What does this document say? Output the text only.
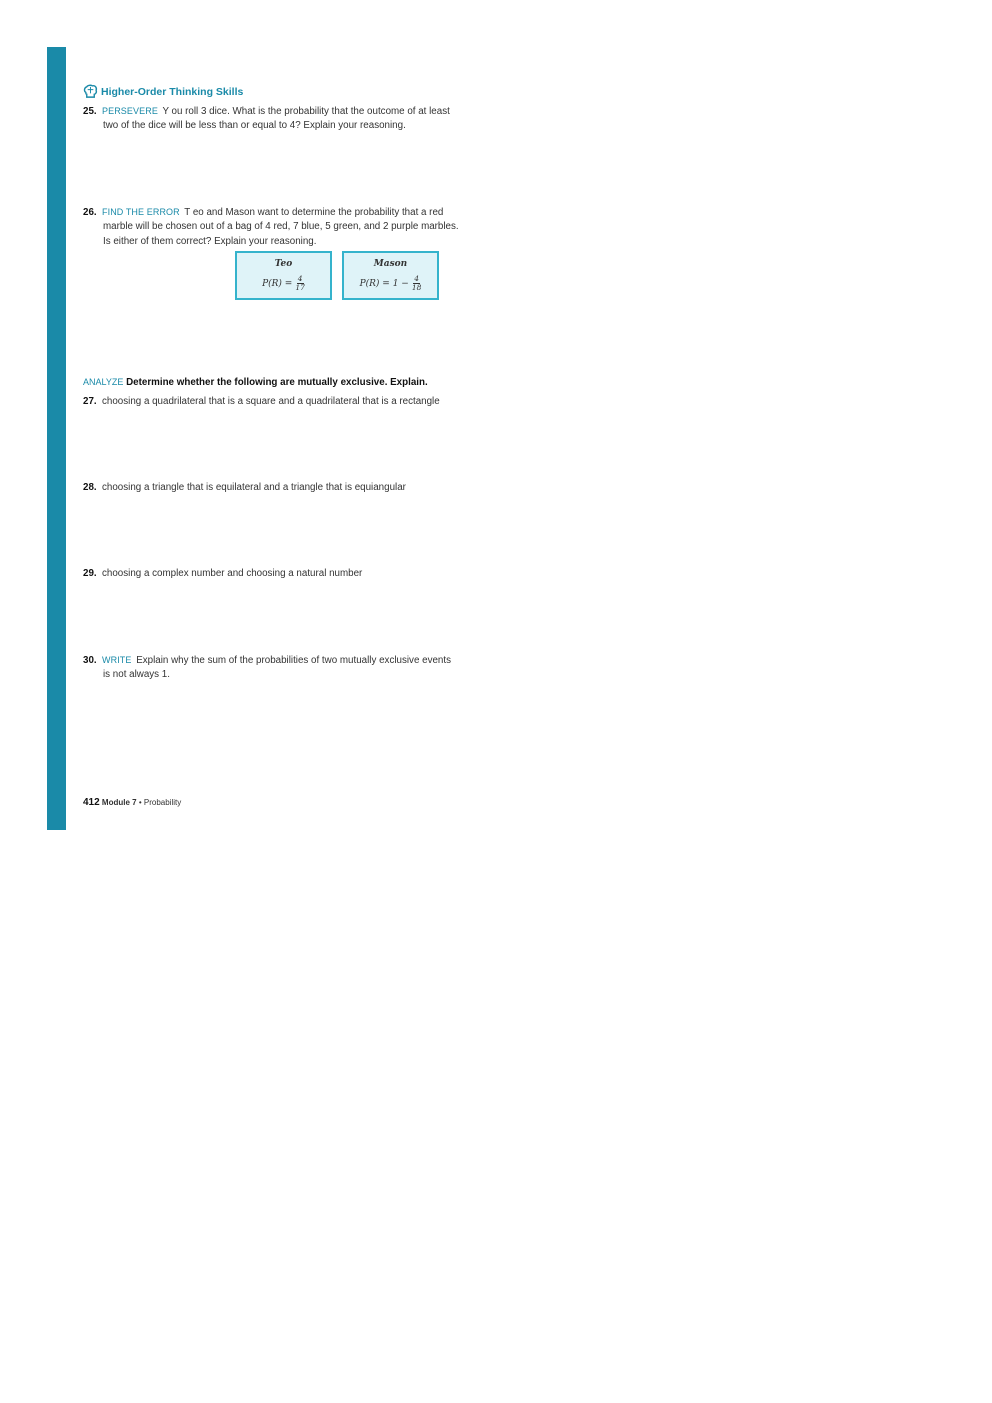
Higher-Order Thinking Skills
25. PERSEVERE Y ou roll 3 dice. What is the probability that the outcome of at least
two of the dice will be less than or equal to 4? Explain your reasoning.
26. FIND THE ERROR T eo and Mason want to determine the probability that a red
marble will be chosen out of a bag of 4 red, 7 blue, 5 green, and 2 purple marbles.
Is either of them correct? Explain your reasoning.
Teo
$P(R) = \frac{4}{17}$
Mason
$P(R) = 1 - \frac{4}{18}$
ANALYZE Determine whether the following are mutually exclusive. Explain.
27. choosing a quadrilateral that is a square and a quadrilateral that is a rectangle
28. choosing a triangle that is equilateral and a triangle that is equiangular
29. choosing a complex number and choosing a natural number
30. WRITE Explain why the sum of the probabilities of two mutually exclusive events
is not always 1.
412 Module 7 • Probability
